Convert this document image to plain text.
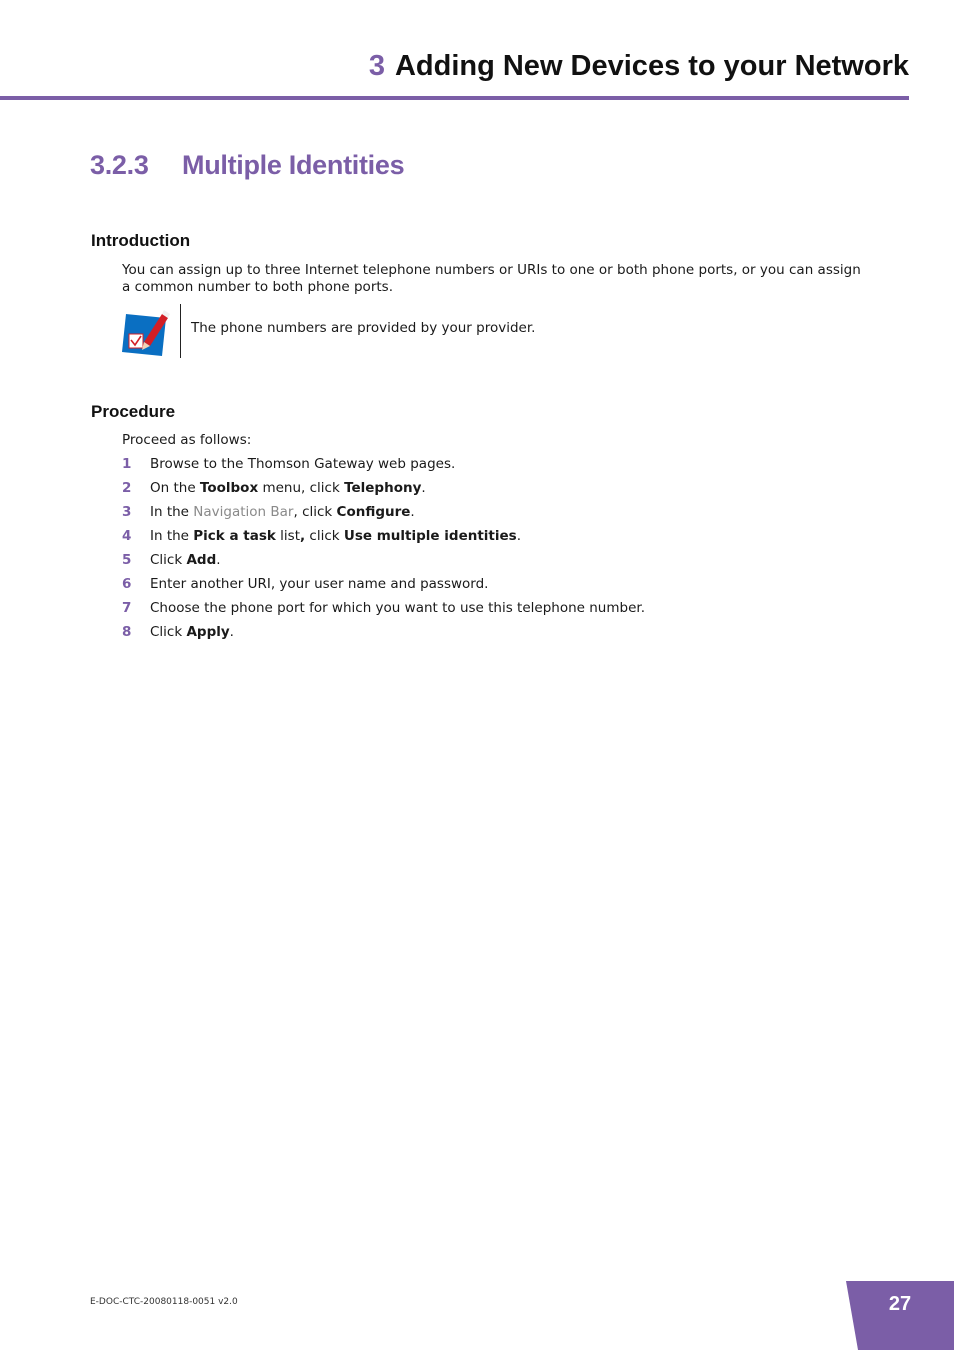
3 Adding New Devices to your Network
3.2.3 Multiple Identities
Introduction

You can assign up to three Internet telephone numbers or URIs to one or both phone ports, or you can assign a common number to both phone ports.

The phone numbers are provided by your provider.

Procedure

Proceed as follows:

1 Browse to the Thomson Gateway web pages.
2 On the Toolbox menu, click Telephony.
3 In the Navigation Bar, click Configure.
4 In the Pick a task list, click Use multiple identities.
5 Click Add.
6 Enter another URI, your user name and password.
7 Choose the phone port for which you want to use this telephone number.
8 Click Apply.

E-DOC-CTC-20080118-0051 v2.0	27
